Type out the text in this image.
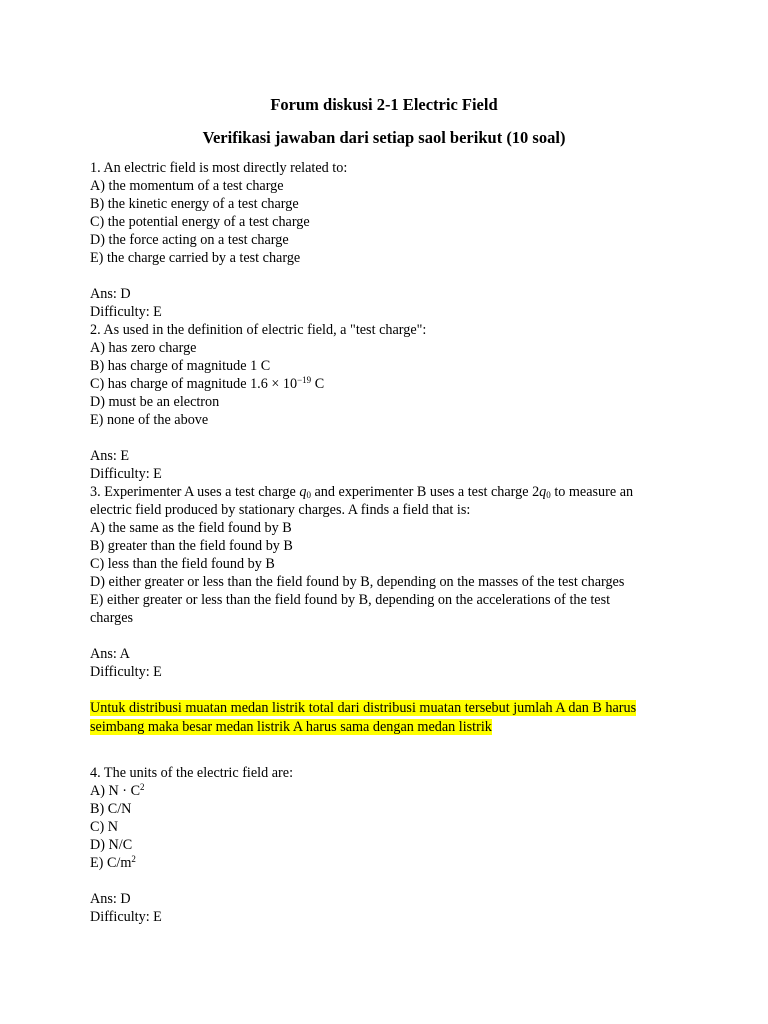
Forum diskusi 2-1 Electric Field
Verifikasi jawaban dari setiap saol berikut (10 soal)
1. An electric field is most directly related to:
A) the momentum of a test charge
B) the kinetic energy of a test charge
C) the potential energy of a test charge
D) the force acting on a test charge
E) the charge carried by a test charge
Ans: D
Difficulty: E
2. As used in the definition of electric field, a "test charge":
A) has zero charge
B) has charge of magnitude 1 C
C) has charge of magnitude $1.6 \times 10^{-19}$ C
D) must be an electron
E) none of the above
Ans: E
Difficulty: E
3. Experimenter A uses a test charge $q_0$ and experimenter B uses a test charge $2q_0$ to measure an
electric field produced by stationary charges. A finds a field that is:
A) the same as the field found by B
B) greater than the field found by B
C) less than the field found by B
D) either greater or less than the field found by B, depending on the masses of the test charges
E) either greater or less than the field found by B, depending on the accelerations of the test
charges
Ans: A
Difficulty: E
Untuk distribusi muatan medan listrik total dari distribusi muatan tersebut jumlah A dan B harus
seimbang maka besar medan listrik A harus sama dengan medan listrik
4. The units of the electric field are:
A) $N \cdot C^2$
B) C/N
C) N
D) N/C
E) $C/m^2$
Ans: D
Difficulty: E
